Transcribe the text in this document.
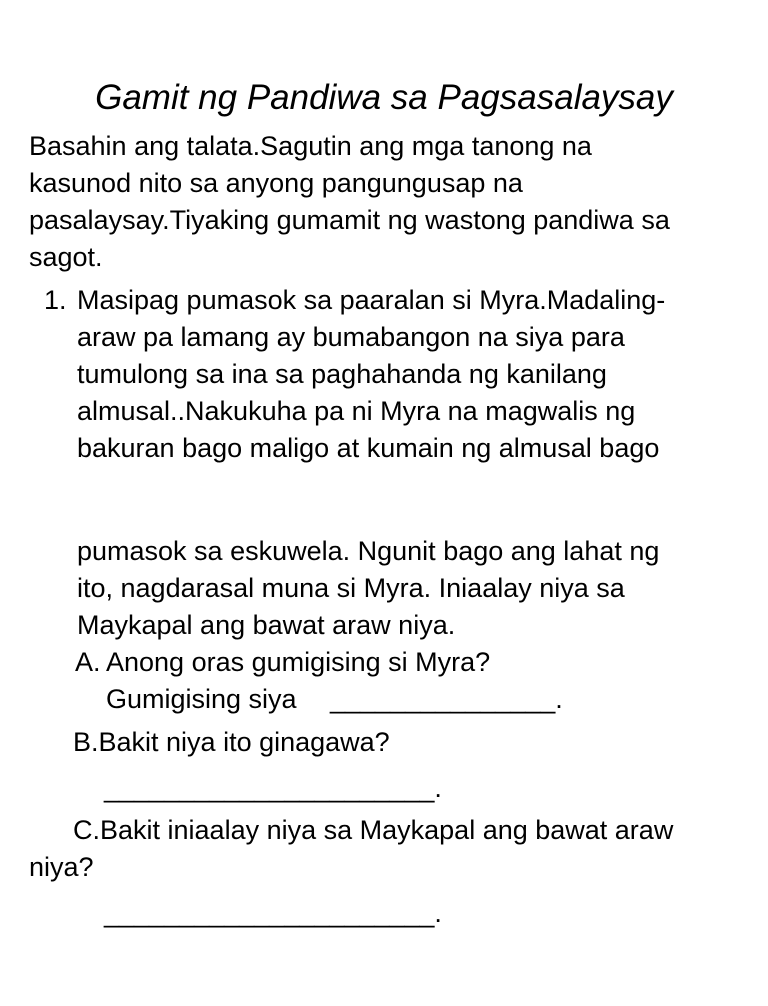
Gamit ng Pandiwa sa Pagsasalaysay
Basahin ang talata.Sagutin ang mga tanong na
kasunod nito sa anyong pangungusap na
pasalaysay.Tiyaking gumamit ng wastong pandiwa sa
sagot.
1. Masipag pumasok sa paaralan si Myra.Madaling-
araw pa lamang ay bumabangon na siya para
tumulong sa ina sa paghahanda ng kanilang
almusal..Nakukuha pa ni Myra na magwalis ng
bakuran bago maligo at kumain ng almusal bago
pumasok sa eskuwela. Ngunit bago ang lahat ng
ito, nagdarasal muna si Myra. Iniaalay niya sa
Maykapal ang bawat araw niya.
A. Anong oras gumigising si Myra?
Gumigising siya _______________.
B.Bakit niya ito ginagawa?
______________________.
C.Bakit iniaalay niya sa Maykapal ang bawat araw
niya?
______________________.
